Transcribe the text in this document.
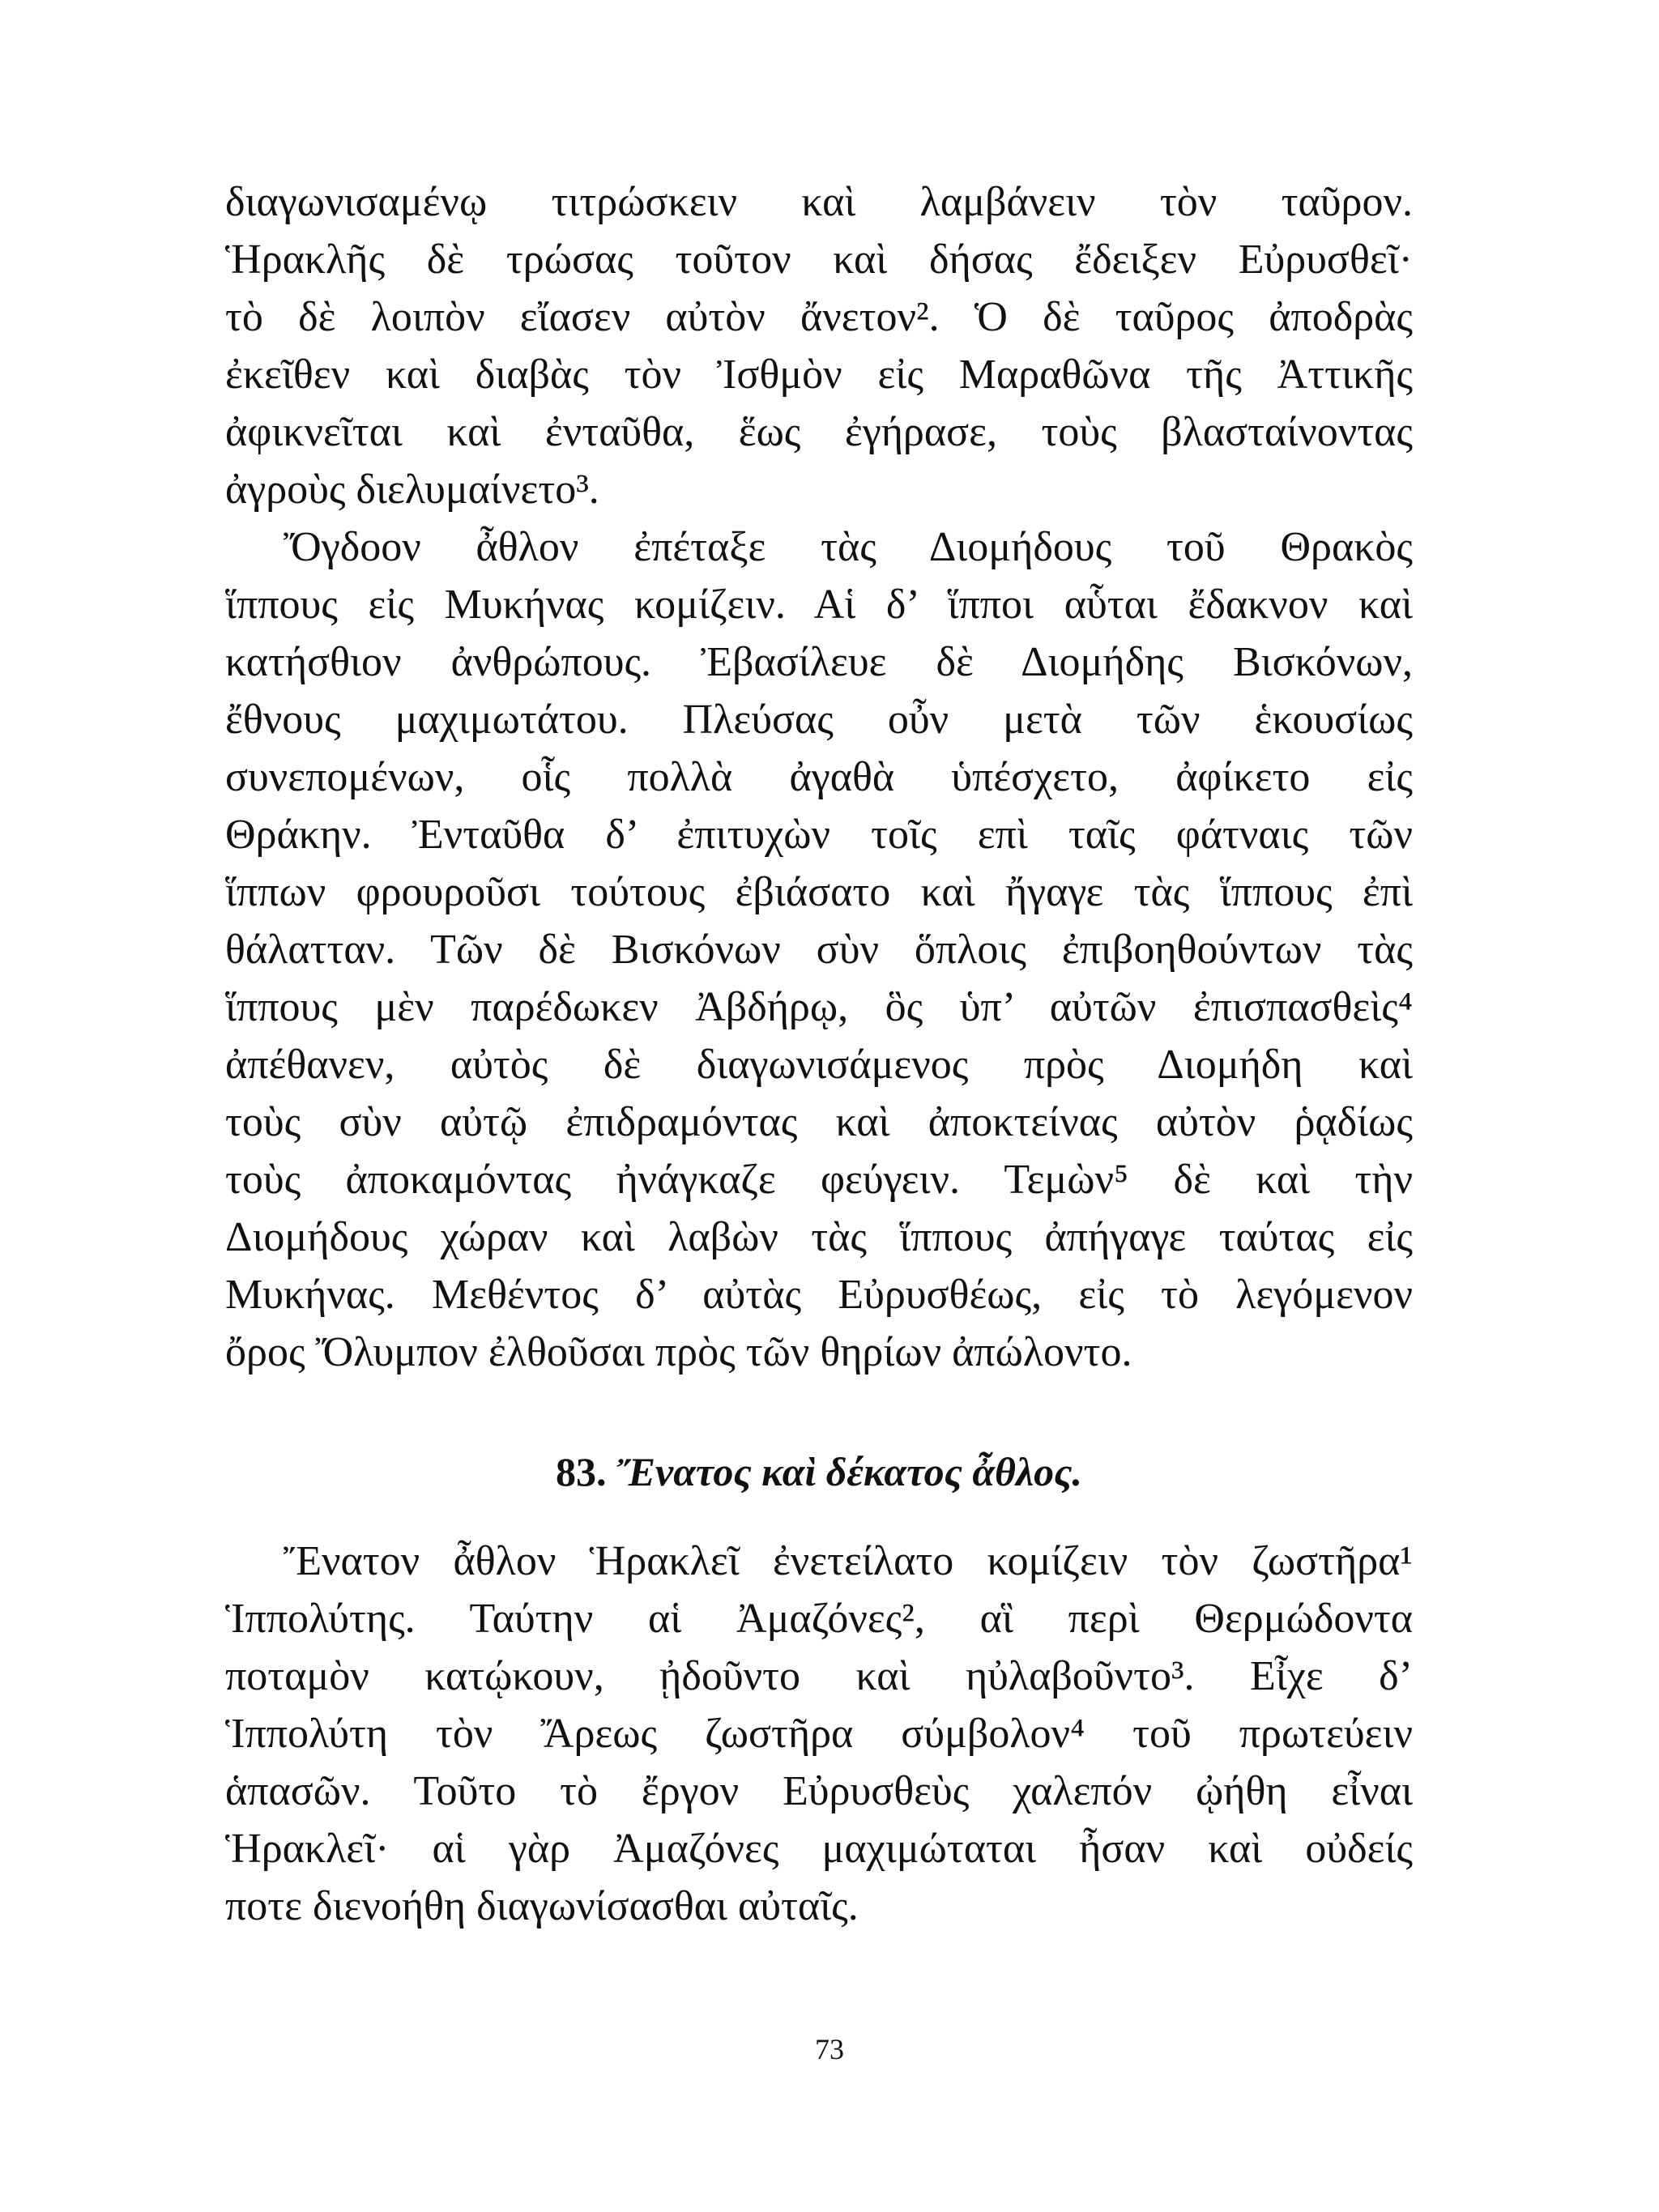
διαγωνισαμένῳ τιτρώσκειν καὶ λαμβάνειν τὸν ταῦρον.
Ἡρακλῆς δὲ τρώσας τοῦτον καὶ δήσας ἔδειξεν Εὐρυσθεῖ·
τὸ δὲ λοιπὸν εἴασεν αὐτὸν ἄνετον². Ὁ δὲ ταῦρος ἀποδρὰς
ἐκεῖθεν καὶ διαβὰς τὸν Ἰσθμὸν εἰς Μαραθῶνα τῆς Ἀττικῆς
ἀφικνεῖται καὶ ἐνταῦθα, ἕως ἐγήρασε, τοὺς βλασταίνοντας
ἀγροὺς διελυμαίνετο³.
Ὄγδοον ἆθλον ἐπέταξε τὰς Διομήδους τοῦ Θρακὸς
ἵππους εἰς Μυκήνας κομίζειν. Αἱ δ’ ἵπποι αὗται ἔδακνον καὶ
κατήσθιον ἀνθρώπους. Ἐβασίλευε δὲ Διομήδης Βισκόνων,
ἔθνους μαχιμωτάτου. Πλεύσας οὖν μετὰ τῶν ἑκουσίως
συνεπομένων, οἷς πολλὰ ἀγαθὰ ὑπέσχετο, ἀφίκετο εἰς
Θράκην. Ἐνταῦθα δ’ ἐπιτυχὼν τοῖς επὶ ταῖς φάτναις τῶν
ἵππων φρουροῦσι τούτους ἐβιάσατο καὶ ἤγαγε τὰς ἵππους ἐπὶ
θάλατταν. Τῶν δὲ Βισκόνων σὺν ὅπλοις ἐπιβοηθούντων τὰς
ἵππους μὲν παρέδωκεν Ἀβδήρῳ, ὃς ὑπ’ αὐτῶν ἐπισπασθεὶς⁴
ἀπέθανεν, αὐτὸς δὲ διαγωνισάμενος πρὸς Διομήδη καὶ
τοὺς σὺν αὐτῷ ἐπιδραμόντας καὶ ἀποκτείνας αὐτὸν ῥᾳδίως
τοὺς ἀποκαμόντας ἠνάγκαζε φεύγειν. Τεμὼν⁵ δὲ καὶ τὴν
Διομήδους χώραν καὶ λαβὼν τὰς ἵππους ἀπήγαγε ταύτας εἰς
Μυκήνας. Μεθέντος δ’ αὐτὰς Εὐρυσθέως, εἰς τὸ λεγόμενον
ὄρος Ὄλυμπον ἐλθοῦσαι πρὸς τῶν θηρίων ἀπώλοντο.
83. Ἔνατος καὶ δέκατος ἆθλος.
Ἔνατον ἆθλον Ἡρακλεῖ ἐνετείλατο κομίζειν τὸν ζωστῆρα¹
Ἱππολύτης. Ταύτην αἱ Ἀμαζόνες², αἳ περὶ Θερμώδοντα
ποταμὸν κατῴκουν, ᾐδοῦντο καὶ ηὐλαβοῦντο³. Εἶχε δ’
Ἱππολύτη τὸν Ἄρεως ζωστῆρα σύμβολον⁴ τοῦ πρωτεύειν
ἁπασῶν. Τοῦτο τὸ ἔργον Εὐρυσθεὺς χαλεπόν ᾠήθη εἶναι
Ἡρακλεῖ· αἱ γὰρ Ἀμαζόνες μαχιμώταται ἦσαν καὶ οὐδείς
ποτε διενοήθη διαγωνίσασθαι αὐταῖς.
73
